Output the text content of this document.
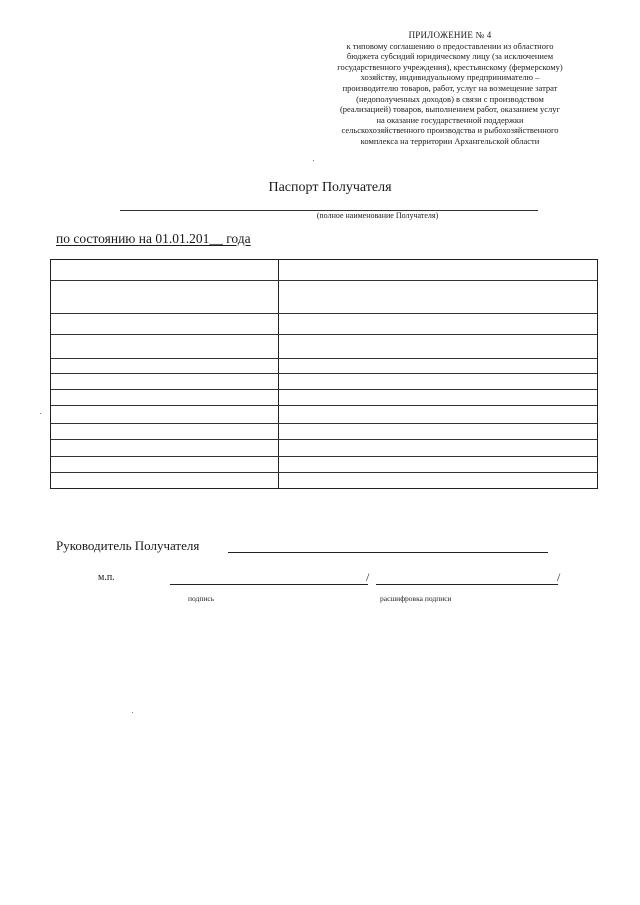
ПРИЛОЖЕНИЕ № 4
к типовому соглашению о предоставлении из областного
бюджета субсидий юридическому лицу (за исключением
государственного учреждения), крестьянскому (фермерскому)
хозяйству, индивидуальному предпринимателю –
производителю товаров, работ, услуг на возмещение затрат
(недополученных доходов) в связи с производством
(реализацией) товаров, выполнением работ, оказанием услуг
на оказание государственной поддержки
сельскохозяйственного производства и рыбохозяйственного
комплекса на территории Архангельской области
Паспорт Получателя
(полное наименование Получателя)
по состоянию на 01.01.201__ года
Руководитель Получателя
м.п.	/	/
подпись	расшифровка подписи
